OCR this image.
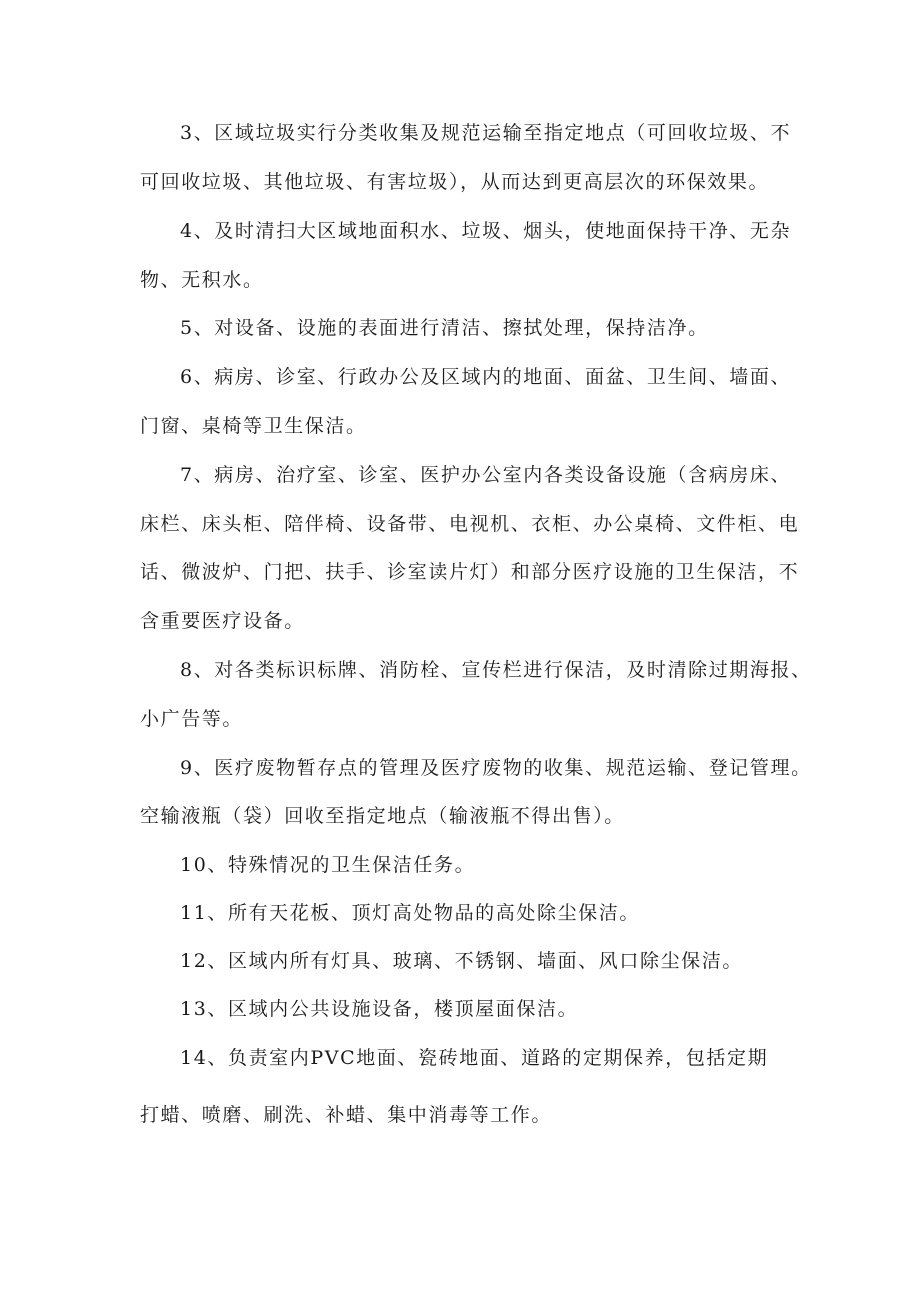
3、区域垃圾实行分类收集及规范运输至指定地点（可回收垃圾、不
可回收垃圾、其他垃圾、有害垃圾），从而达到更高层次的环保效果。
4、及时清扫大区域地面积水、垃圾、烟头，使地面保持干净、无杂
物、无积水。
5、对设备、设施的表面进行清洁、擦拭处理，保持洁净。
6、病房、诊室、行政办公及区域内的地面、面盆、卫生间、墙面、
门窗、桌椅等卫生保洁。
7、病房、治疗室、诊室、医护办公室内各类设备设施（含病房床、
床栏、床头柜、陪伴椅、设备带、电视机、衣柜、办公桌椅、文件柜、电
话、微波炉、门把、扶手、诊室读片灯）和部分医疗设施的卫生保洁，不
含重要医疗设备。
8、对各类标识标牌、消防栓、宣传栏进行保洁，及时清除过期海报、
小广告等。
9、医疗废物暂存点的管理及医疗废物的收集、规范运输、登记管理。
空输液瓶（袋）回收至指定地点（输液瓶不得出售）。
10、特殊情况的卫生保洁任务。
11、所有天花板、顶灯高处物品的高处除尘保洁。
12、区域内所有灯具、玻璃、不锈钢、墙面、风口除尘保洁。
13、区域内公共设施设备，楼顶屋面保洁。
14、负责室内PVC地面、瓷砖地面、道路的定期保养，包括定期
打蜡、喷磨、刷洗、补蜡、集中消毒等工作。
